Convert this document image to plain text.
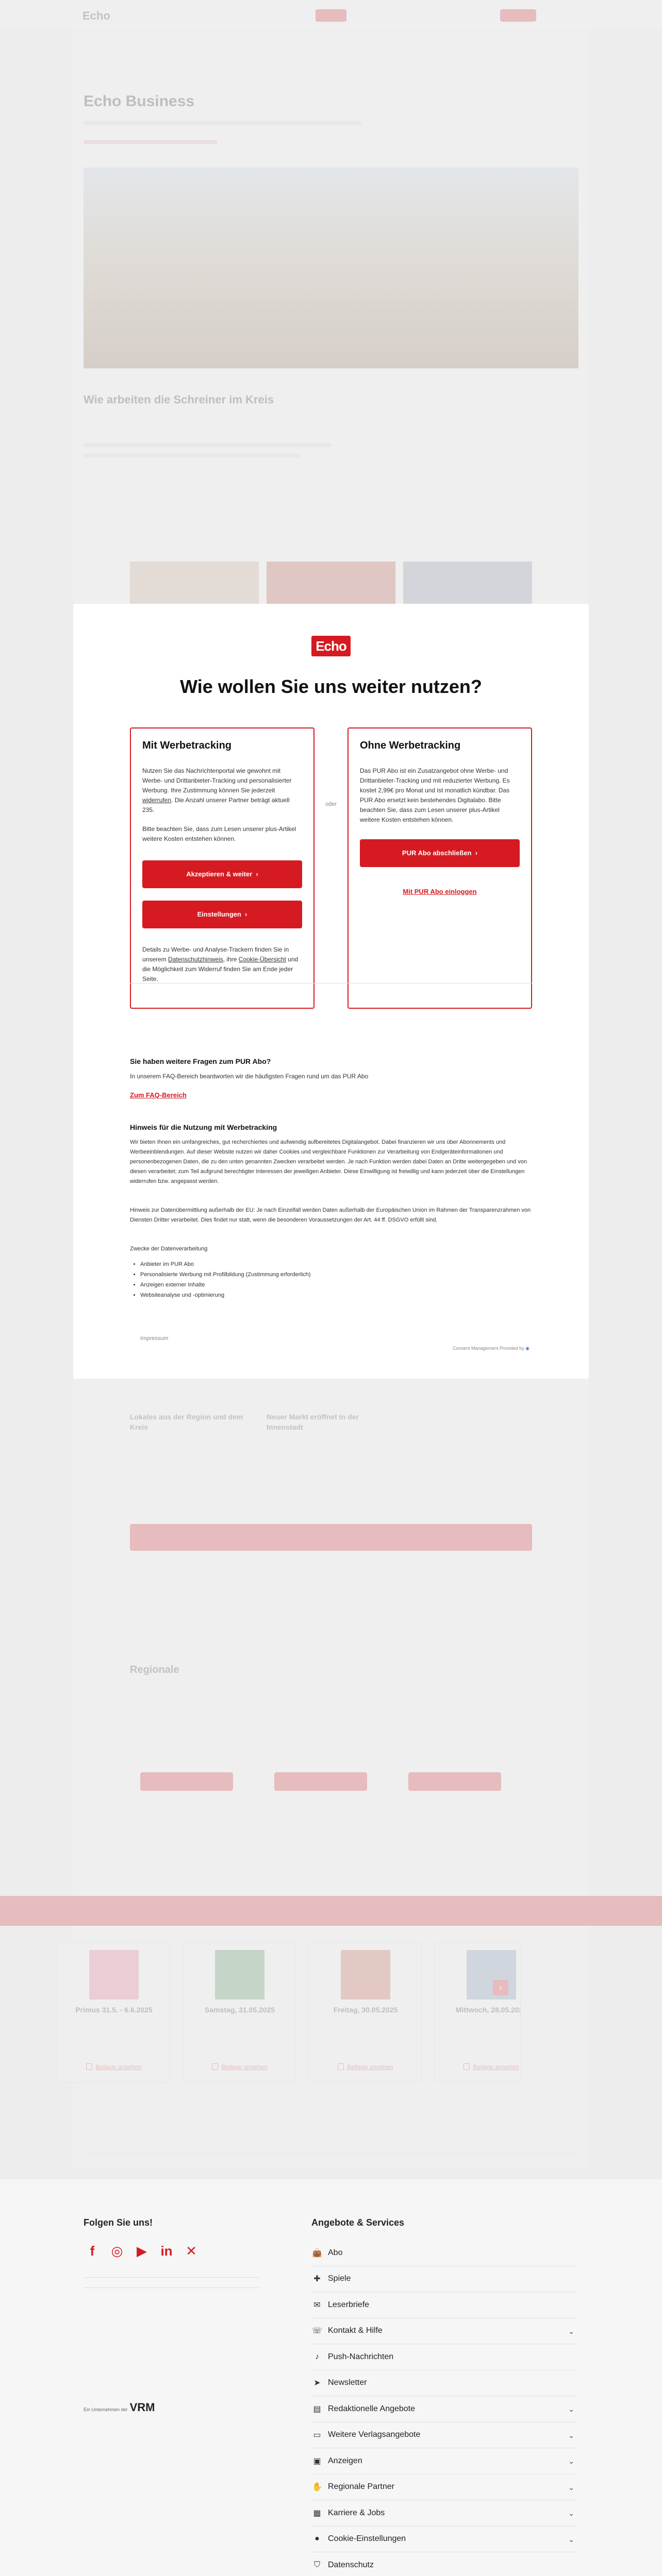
Folgen Sie uns!
f	◎ ▶ in ✕
Ein Unternehmen der VRM
Angebote & Services
👜 Abo
✚ Spiele
✉ Leserbriefe
☏ Kontakt & Hilfe	⌄
♪	Push-Nachrichten
➤ Newsletter
▤ Redaktionelle Angebote	⌄
▭ Weitere Verlagsangebote	⌄
▣ Anzeigen	⌄
✋ Regionale Partner	⌄
▦ Karriere & Jobs	⌄
●	Cookie-Einstellungen	⌄
⛉ Datenschutz
Echo
Wie wollen Sie uns weiter nutzen?
Mit Werbetracking

Nutzen Sie das Nachrichtenportal wie gewohnt mit Werbe- und Drittanbieter-Tracking und personalisierter Werbung. Ihre Zustimmung können Sie jederzeit widerrufen. Die Anzahl unserer Partner beträgt aktuell 235.

Bitte beachten Sie, dass zum Lesen unserer plus-Artikel weitere Kosten entstehen können.

Akzeptieren & weiter  ›
Einstellungen  ›

Details zu Werbe- und Analyse-Trackern finden Sie in unserem Datenschutzhinweis, ihre Cookie-Übersicht und die Möglichkeit zum Widerruf finden Sie am Ende jeder Seite.

oder
Ohne Werbetracking

Das PUR Abo ist ein Zusatzangebot ohne Werbe- und Drittanbieter-Tracking und mit reduzierter Werbung. Es kostet 2,99€ pro Monat und ist monatlich kündbar. Das PUR Abo ersetzt kein bestehendes Digitalabo. Bitte beachten Sie, dass zum Lesen unserer plus-Artikel weitere Kosten entstehen können.

PUR Abo abschließen  ›
Mit PUR Abo einloggen
Sie haben weitere Fragen zum PUR Abo?
In unserem FAQ-Bereich beantworten wir die häufigsten Fragen rund um das PUR Abo
Zum FAQ-Bereich
Hinweis für die Nutzung mit Werbetracking
Wir bieten Ihnen ein umfangreiches, gut recherchiertes und aufwendig aufbereitetes Digitalangebot. Dabei finanzieren wir uns über Abonnements und Werbeeinblendungen. Auf dieser Website nutzen wir daher Cookies und vergleichbare Funktionen zur Verarbeitung von Endgeräteinformationen und personenbezogenen Daten, die zu den unten genannten Zwecken verarbeitet werden. Je nach Funktion werden dabei Daten an Dritte weitergegeben und von diesen verarbeitet; zum Teil aufgrund berechtigter Interessen der jeweiligen Anbieter. Diese Einwilligung ist freiwillig und kann jederzeit über die Einstellungen widerrufen bzw. angepasst werden.
Hinweis zur Datenübermittlung außerhalb der EU: Je nach Einzelfall werden Daten außerhalb der Europäischen Union im Rahmen der Transparenzrahmen von Diensten Dritter verarbeitet. Dies findet nur statt, wenn die besonderen Voraussetzungen der Art. 44 ff. DSGVO erfüllt sind.
Zwecke der Datenverarbeitung
• Anbieter im PUR Abo
• Personalisierte Werbung mit Profilbildung (Zustimmung erforderlich)
• Anzeigen externer Inhalte
• Websiteanalyse und -optimierung
Impressum
Consent Management Provided by ◉
